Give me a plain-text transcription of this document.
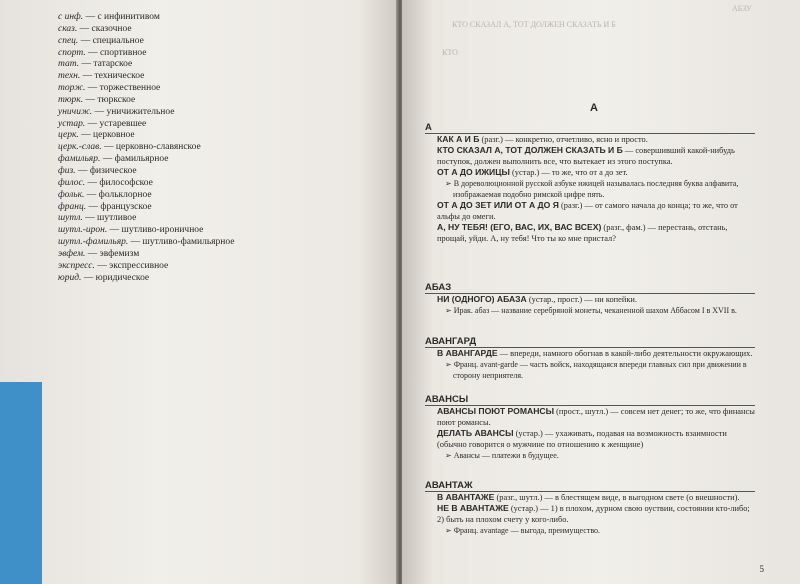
с инф. — с инфинитивом
сказ. — сказочное
спец. — специальное
спорт. — спортивное
тат. — татарское
техн. — техническое
торж. — торжественное
тюрк. — тюркское
уничиж. — уничижительное
устар. — устаревшее
церк. — церковное
церк.-слав. — церковно-славянское
фамильяр. — фамильярное
физ. — физическое
филос. — философское
фольк. — фольклорное
франц. — французское
шутл. — шутливое
шутл.-ирон. — шутливо-ироничное
шутл.-фамильяр. — шутливо-фамильярное
эвфем. — эвфемизм
экспресс. — экспрессивное
юрид. — юридическое
АБЗУ
КТО СКАЗАЛ А, ТОТ ДОЛЖЕН СКАЗАТЬ И Б
КТО
А
5
А
КАК А И Б (разг.) — конкретно, отчетливо, ясно и просто.
КТО СКАЗАЛ А, ТОТ ДОЛЖЕН СКАЗАТЬ И Б — совершивший какой-нибудь поступок, должен выполнить все, что вытекает из этого поступка.
ОТ А ДО ИЖИЦЫ (устар.) — то же, что от а до зет.
➢ В дореволюционной русской азбуке ижицей называлась последняя буква алфавита, изображаемая подобно римской цифре пять.
ОТ А ДО ЗЕТ ИЛИ ОТ А ДО Я (разг.) — от самого начала до конца; то же, что от альфы до омеги.
А, НУ ТЕБЯ! (ЕГО, ВАС, ИХ, ВАС ВСЕХ) (разг., фам.) — перестань, отстань, прощай, уйди. А, ну тебя! Что ты ко мне пристал?
АБАЗ
НИ (ОДНОГО) АБАЗА (устар., прост.) — ни копейки.
➢ Ирак. абаз — название серебряной монеты, чеканенной шахом Аббасом I в XVII в.
АВАНГАРД
В АВАНГАРДЕ — впереди, намного обогнав в какой-либо деятельности окружающих.
➢ Франц. avant-garde — часть войск, находящаяся впереди главных сил при движении в сторону неприятеля.
АВАНСЫ
АВАНСЫ ПОЮТ РОМАНСЫ (прост., шутл.) — совсем нет денег; то же, что финансы поют романсы.
ДЕЛАТЬ АВАНСЫ (устар.) — ухаживать, подавая на возможность взаимности (обычно говорится о мужчине по отношению к женщине)
➢ Авансы — платежи в будущее.
АВАНТАЖ
В АВАНТАЖЕ (разг., шутл.) — в блестящем виде, в выгодном свете (о внешности).
НЕ В АВАНТАЖЕ (устар.) — 1) в плохом, дурном свою оуствии, состоянии кто-либо; 2) быть на плохом счету у кого-либо.
➢ Франц. avantage — выгода, преимущество.
